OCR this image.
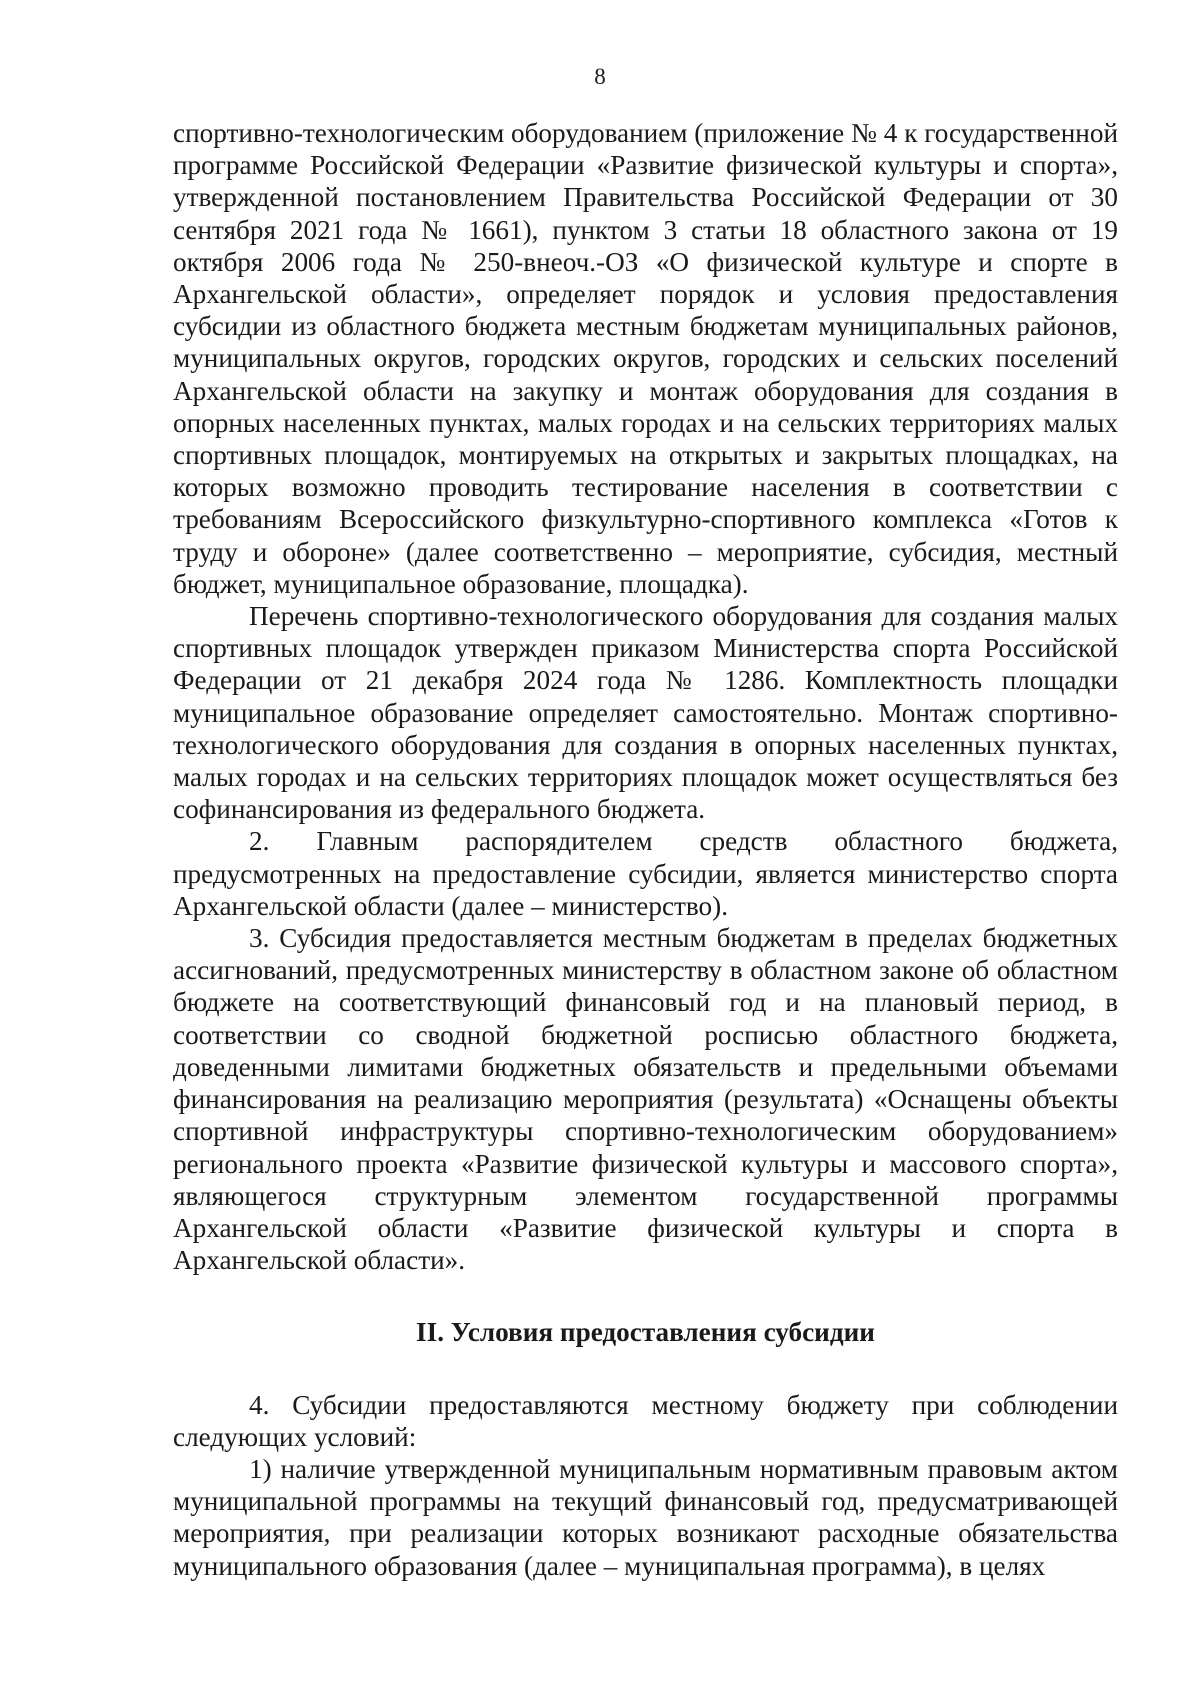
8

спортивно-технологическим оборудованием (приложение № 4 к государственной программе Российской Федерации «Развитие физической культуры и спорта», утвержденной постановлением Правительства Российской Федерации от 30 сентября 2021 года № 1661), пунктом 3 статьи 18 областного закона от 19 октября 2006 года № 250-внеоч.-ОЗ «О физической культуре и спорте в Архангельской области», определяет порядок и условия предоставления субсидии из областного бюджета местным бюджетам муниципальных районов, муниципальных округов, городских округов, городских и сельских поселений Архангельской области на закупку и монтаж оборудования для создания в опорных населенных пунктах, малых городах и на сельских территориях малых спортивных площадок, монтируемых на открытых и закрытых площадках, на которых возможно проводить тестирование населения в соответствии с требованиям Всероссийского физкультурно-спортивного комплекса «Готов к труду и обороне» (далее соответственно – мероприятие, субсидия, местный бюджет, муниципальное образование, площадка).

Перечень спортивно-технологического оборудования для создания малых спортивных площадок утвержден приказом Министерства спорта Российской Федерации от 21 декабря 2024 года № 1286. Комплектность площадки муниципальное образование определяет самостоятельно. Монтаж спортивно-технологического оборудования для создания в опорных населенных пунктах, малых городах и на сельских территориях площадок может осуществляться без софинансирования из федерального бюджета.

2. Главным распорядителем средств областного бюджета, предусмотренных на предоставление субсидии, является министерство спорта Архангельской области (далее – министерство).

3. Субсидия предоставляется местным бюджетам в пределах бюджетных ассигнований, предусмотренных министерству в областном законе об областном бюджете на соответствующий финансовый год и на плановый период, в соответствии со сводной бюджетной росписью областного бюджета, доведенными лимитами бюджетных обязательств и предельными объемами финансирования на реализацию мероприятия (результата) «Оснащены объекты спортивной инфраструктуры спортивно-технологическим оборудованием» регионального проекта «Развитие физической культуры и массового спорта», являющегося структурным элементом государственной программы Архангельской области «Развитие физической культуры и спорта в Архангельской области».

II. Условия предоставления субсидии

4. Субсидии предоставляются местному бюджету при соблюдении следующих условий:

1) наличие утвержденной муниципальным нормативным правовым актом муниципальной программы на текущий финансовый год, предусматривающей мероприятия, при реализации которых возникают расходные обязательства муниципального образования (далее – муниципальная программа), в целях
